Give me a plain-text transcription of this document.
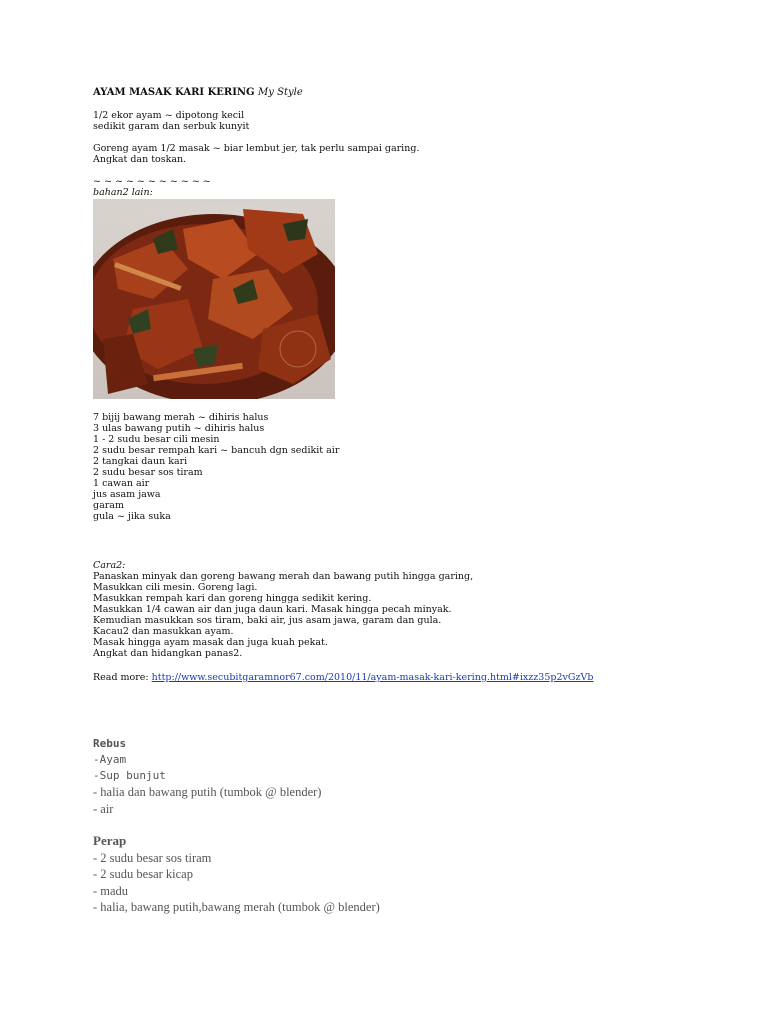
AYAM MASAK KARI KERING My Style
1/2 ekor ayam ~ dipotong kecil
sedikit garam dan serbuk kunyit
Goreng ayam 1/2 masak ~ biar lembut jer, tak perlu sampai garing.
Angkat dan toskan.
~ ~ ~ ~ ~ ~ ~ ~ ~ ~ ~
bahan2 lain:
7 bijij bawang merah ~ dihiris halus
3 ulas bawang putih ~ dihiris halus
1 - 2 sudu besar cili mesin
2 sudu besar rempah kari ~ bancuh dgn sedikit air
2 tangkai daun kari
2 sudu besar sos tiram
1 cawan air
jus asam jawa
garam
gula ~ jika suka
Cara2:
Panaskan minyak dan goreng bawang merah dan bawang putih hingga garing,
Masukkan cili mesin. Goreng lagi.
Masukkan rempah kari dan goreng hingga sedikit kering.
Masukkan 1/4 cawan air dan juga daun kari. Masak hingga pecah minyak.
Kemudian masukkan sos tiram, baki air, jus asam jawa, garam dan gula.
Kacau2 dan masukkan ayam.
Masak hingga ayam masak dan juga kuah pekat.
Angkat dan hidangkan panas2.
Read more: http://www.secubitgaramnor67.com/2010/11/ayam-masak-kari-kering.html#ixzz35p2vGzVb
Rebus
-Ayam
-Sup bunjut
- halia dan bawang putih (tumbok @ blender)
- air
Perap
- 2 sudu besar sos tiram
- 2 sudu besar kicap
- madu
- halia, bawang putih,bawang merah (tumbok @ blender)
